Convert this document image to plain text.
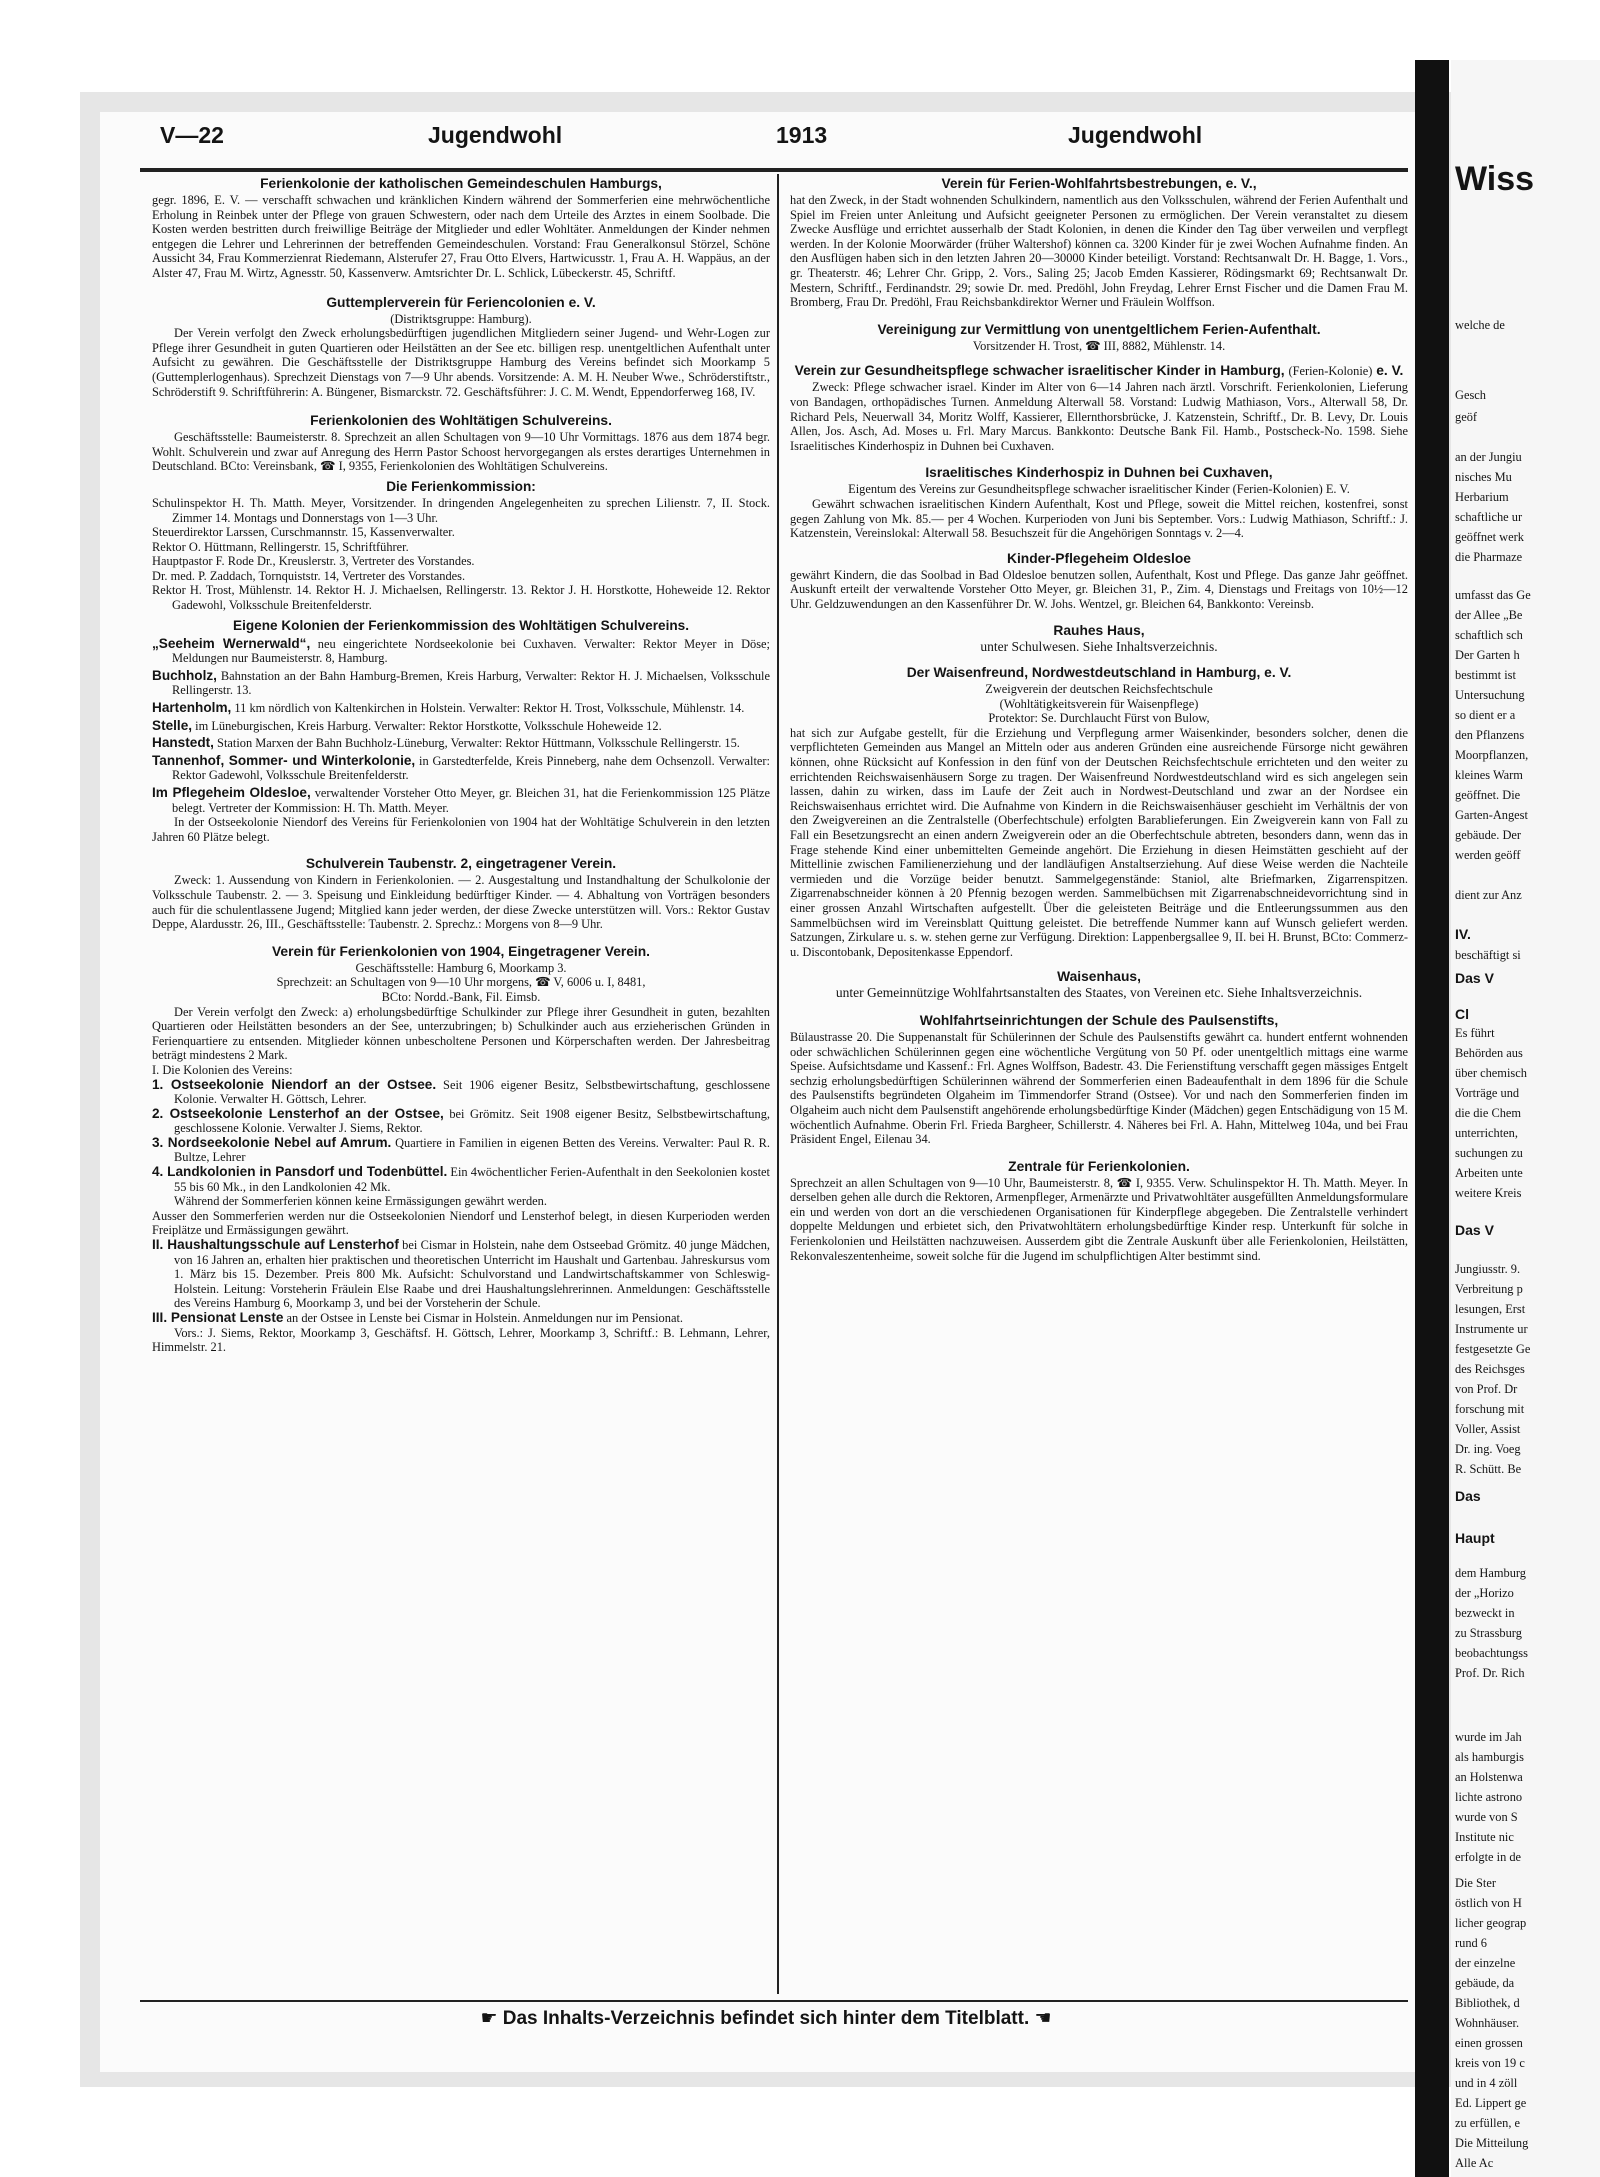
V—22	Jugendwohl	1913	Jugendwohl
Ferienkolonie der katholischen Gemeindeschulen Hamburgs,

gegr. 1896, E. V. — verschafft schwachen und kränklichen Kindern während der Sommerferien eine mehrwöchentliche Erholung in Reinbek unter der Pflege von grauen Schwestern, oder nach dem Urteile des Arztes in einem Soolbade. Die Kosten werden bestritten durch freiwillige Beiträge der Mitglieder und edler Wohltäter. Anmeldungen der Kinder nehmen entgegen die Lehrer und Lehrerinnen der betreffenden Gemeindeschulen. Vorstand: Frau Generalkonsul Störzel, Schöne Aussicht 34, Frau Kommerzienrat Riedemann, Alsterufer 27, Frau Otto Elvers, Hartwicusstr. 1, Frau A. H. Wappäus, an der Alster 47, Frau M. Wirtz, Agnesstr. 50, Kassenverw. Amtsrichter Dr. L. Schlick, Lübeckerstr. 45, Schriftf.

Guttemplerverein für Feriencolonien e. V.

(Distriktsgruppe: Hamburg).

Der Verein verfolgt den Zweck erholungsbedürftigen jugendlichen Mitgliedern seiner Jugend- und Wehr-Logen zur Pflege ihrer Gesundheit in guten Quartieren oder Heilstätten an der See etc. billigen resp. unentgeltlichen Aufenthalt unter Aufsicht zu gewähren. Die Geschäftsstelle der Distriktsgruppe Hamburg des Vereins befindet sich Moorkamp 5 (Guttemplerlogenhaus). Sprechzeit Dienstags von 7—9 Uhr abends. Vorsitzende: A. M. H. Neuber Wwe., Schröderstiftstr., Schröderstift 9. Schriftführerin: A. Büngener, Bismarckstr. 72. Geschäftsführer: J. C. M. Wendt, Eppendorferweg 168, IV.

Ferienkolonien des Wohltätigen Schulvereins.

Geschäftsstelle: Baumeisterstr. 8. Sprechzeit an allen Schultagen von 9—10 Uhr Vormittags. 1876 aus dem 1874 begr. Wohlt. Schulverein und zwar auf Anregung des Herrn Pastor Schoost hervorgegangen als erstes derartiges Unternehmen in Deutschland. BCto: Vereinsbank, ☎ I, 9355, Ferienkolonien des Wohltätigen Schulvereins.

Die Ferienkommission:

Schulinspektor H. Th. Matth. Meyer, Vorsitzender. In dringenden Angelegenheiten zu sprechen Lilienstr. 7, II. Stock. Zimmer 14. Montags und Donnerstags von 1—3 Uhr.

Steuerdirektor Larssen, Curschmannstr. 15, Kassenverwalter.

Rektor O. Hüttmann, Rellingerstr. 15, Schriftführer.

Hauptpastor F. Rode Dr., Kreuslerstr. 3, Vertreter des Vorstandes.

Dr. med. P. Zaddach, Tornquiststr. 14, Vertreter des Vorstandes.

Rektor H. Trost, Mühlenstr. 14. Rektor H. J. Michaelsen, Rellingerstr. 13. Rektor J. H. Horstkotte, Hoheweide 12. Rektor Gadewohl, Volksschule Breitenfelderstr.

Eigene Kolonien der Ferienkommission des Wohltätigen Schulvereins.

„Seeheim Wernerwald“, neu eingerichtete Nordseekolonie bei Cuxhaven. Verwalter: Rektor Meyer in Döse; Meldungen nur Baumeisterstr. 8, Hamburg.

Buchholz, Bahnstation an der Bahn Hamburg-Bremen, Kreis Harburg, Verwalter: Rektor H. J. Michaelsen, Volksschule Rellingerstr. 13.

Hartenholm, 11 km nördlich von Kaltenkirchen in Holstein. Verwalter: Rektor H. Trost, Volksschule, Mühlenstr. 14.

Stelle, im Lüneburgischen, Kreis Harburg. Verwalter: Rektor Horstkotte, Volksschule Hoheweide 12.

Hanstedt, Station Marxen der Bahn Buchholz-Lüneburg, Verwalter: Rektor Hüttmann, Volksschule Rellingerstr. 15.

Tannenhof, Sommer- und Winterkolonie, in Garstedterfelde, Kreis Pinneberg, nahe dem Ochsenzoll. Verwalter: Rektor Gadewohl, Volksschule Breitenfelderstr.

Im Pflegeheim Oldesloe, verwaltender Vorsteher Otto Meyer, gr. Bleichen 31, hat die Ferienkommission 125 Plätze belegt. Vertreter der Kommission: H. Th. Matth. Meyer.

In der Ostseekolonie Niendorf des Vereins für Ferienkolonien von 1904 hat der Wohltätige Schulverein in den letzten Jahren 60 Plätze belegt.

Schulverein Taubenstr. 2, eingetragener Verein.

Zweck: 1. Aussendung von Kindern in Ferienkolonien. — 2. Ausgestaltung und Instandhaltung der Schulkolonie der Volksschule Taubenstr. 2. — 3. Speisung und Einkleidung bedürftiger Kinder. — 4. Abhaltung von Vorträgen besonders auch für die schulentlassene Jugend; Mitglied kann jeder werden, der diese Zwecke unterstützen will. Vors.: Rektor Gustav Deppe, Alardusstr. 26, III., Geschäftsstelle: Taubenstr. 2. Sprechz.: Morgens von 8—9 Uhr.

Verein für Ferienkolonien von 1904, Eingetragener Verein.

Geschäftsstelle: Hamburg 6, Moorkamp 3.

Sprechzeit: an Schultagen von 9—10 Uhr morgens, ☎ V, 6006 u. I, 8481,

BCto: Nordd.-Bank, Fil. Eimsb.

Der Verein verfolgt den Zweck: a) erholungsbedürftige Schulkinder zur Pflege ihrer Gesundheit in guten, bezahlten Quartieren oder Heilstätten besonders an der See, unterzubringen; b) Schulkinder auch aus erzieherischen Gründen in Ferienquartiere zu entsenden. Mitglieder können unbescholtene Personen und Körperschaften werden. Der Jahresbeitrag beträgt mindestens 2 Mark.

I. Die Kolonien des Vereins:

1. Ostseekolonie Niendorf an der Ostsee. Seit 1906 eigener Besitz, Selbstbewirtschaftung, geschlossene Kolonie. Verwalter H. Göttsch, Lehrer.

2. Ostseekolonie Lensterhof an der Ostsee, bei Grömitz. Seit 1908 eigener Besitz, Selbstbewirtschaftung, geschlossene Kolonie. Verwalter J. Siems, Rektor.

3. Nordseekolonie Nebel auf Amrum. Quartiere in Familien in eigenen Betten des Vereins. Verwalter: Paul R. R. Bultze, Lehrer

4. Landkolonien in Pansdorf und Todenbüttel. Ein 4wöchentlicher Ferien-Aufenthalt in den Seekolonien kostet 55 bis 60 Mk., in den Landkolonien 42 Mk.

Während der Sommerferien können keine Ermässigungen gewährt werden.

Ausser den Sommerferien werden nur die Ostseekolonien Niendorf und Lensterhof belegt, in diesen Kurperioden werden Freiplätze und Ermässigungen gewährt.

II. Haushaltungsschule auf Lensterhof bei Cismar in Holstein, nahe dem Ostseebad Grömitz. 40 junge Mädchen, von 16 Jahren an, erhalten hier praktischen und theoretischen Unterricht im Haushalt und Gartenbau. Jahreskursus vom 1. März bis 15. Dezember. Preis 800 Mk. Aufsicht: Schulvorstand und Landwirtschaftskammer von Schleswig-Holstein. Leitung: Vorsteherin Fräulein Else Raabe und drei Haushaltungslehrerinnen. Anmeldungen: Geschäftsstelle des Vereins Hamburg 6, Moorkamp 3, und bei der Vorsteherin der Schule.

III. Pensionat Lenste an der Ostsee in Lenste bei Cismar in Holstein. Anmeldungen nur im Pensionat.

Vors.: J. Siems, Rektor, Moorkamp 3, Geschäftsf. H. Göttsch, Lehrer, Moorkamp 3, Schriftf.: B. Lehmann, Lehrer, Himmelstr. 21.

Verein für Ferien-Wohlfahrtsbestrebungen, e. V.,

hat den Zweck, in der Stadt wohnenden Schulkindern, namentlich aus den Volksschulen, während der Ferien Aufenthalt und Spiel im Freien unter Anleitung und Aufsicht geeigneter Personen zu ermöglichen. Der Verein veranstaltet zu diesem Zwecke Ausflüge und errichtet ausserhalb der Stadt Kolonien, in denen die Kinder den Tag über verweilen und verpflegt werden. In der Kolonie Moorwärder (früher Waltershof) können ca. 3200 Kinder für je zwei Wochen Aufnahme finden. An den Ausflügen haben sich in den letzten Jahren 20—30000 Kinder beteiligt. Vorstand: Rechtsanwalt Dr. H. Bagge, 1. Vors., gr. Theaterstr. 46; Lehrer Chr. Gripp, 2. Vors., Saling 25; Jacob Emden Kassierer, Rödingsmarkt 69; Rechtsanwalt Dr. Mestern, Schriftf., Ferdinandstr. 29; sowie Dr. med. Predöhl, John Freydag, Lehrer Ernst Fischer und die Damen Frau M. Bromberg, Frau Dr. Predöhl, Frau Reichsbankdirektor Werner und Fräulein Wolffson.

Vereinigung zur Vermittlung von unentgeltlichem Ferien-Aufenthalt.

Vorsitzender H. Trost, ☎ III, 8882, Mühlenstr. 14.

Verein zur Gesundheitspflege schwacher israelitischer Kinder in Hamburg, (Ferien-Kolonie) e. V.

Zweck: Pflege schwacher israel. Kinder im Alter von 6—14 Jahren nach ärztl. Vorschrift. Ferienkolonien, Lieferung von Bandagen, orthopädisches Turnen. Anmeldung Alterwall 58. Vorstand: Ludwig Mathiason, Vors., Alterwall 58, Dr. Richard Pels, Neuerwall 34, Moritz Wolff, Kassierer, Ellernthorsbrücke, J. Katzenstein, Schriftf., Dr. B. Levy, Dr. Louis Allen, Jos. Asch, Ad. Moses u. Frl. Mary Marcus. Bankkonto: Deutsche Bank Fil. Hamb., Postscheck-No. 1598. Siehe Israelitisches Kinderhospiz in Duhnen bei Cuxhaven.

Israelitisches Kinderhospiz in Duhnen bei Cuxhaven,

Eigentum des Vereins zur Gesundheitspflege schwacher israelitischer Kinder (Ferien-Kolonien) E. V.

Gewährt schwachen israelitischen Kindern Aufenthalt, Kost und Pflege, soweit die Mittel reichen, kostenfrei, sonst gegen Zahlung von Mk. 85.— per 4 Wochen. Kurperioden von Juni bis September. Vors.: Ludwig Mathiason, Schriftf.: J. Katzenstein, Vereinslokal: Alterwall 58. Besuchszeit für die Angehörigen Sonntags v. 2—4.

Kinder-Pflegeheim Oldesloe

gewährt Kindern, die das Soolbad in Bad Oldesloe benutzen sollen, Aufenthalt, Kost und Pflege. Das ganze Jahr geöffnet. Auskunft erteilt der verwaltende Vorsteher Otto Meyer, gr. Bleichen 31, P., Zim. 4, Dienstags und Freitags von 10½—12 Uhr. Geldzuwendungen an den Kassenführer Dr. W. Johs. Wentzel, gr. Bleichen 64, Bankkonto: Vereinsb.

Rauhes Haus,

unter Schulwesen. Siehe Inhaltsverzeichnis.

Der Waisenfreund, Nordwestdeutschland in Hamburg, e. V.

Zweigverein der deutschen Reichsfechtschule

(Wohltätigkeitsverein für Waisenpflege)

Protektor: Se. Durchlaucht Fürst von Bulow,

hat sich zur Aufgabe gestellt, für die Erziehung und Verpflegung armer Waisenkinder, besonders solcher, denen die verpflichteten Gemeinden aus Mangel an Mitteln oder aus anderen Gründen eine ausreichende Fürsorge nicht gewähren können, ohne Rücksicht auf Konfession in den fünf von der Deutschen Reichsfechtschule errichteten und den weiter zu errichtenden Reichswaisenhäusern Sorge zu tragen. Der Waisenfreund Nordwestdeutschland wird es sich angelegen sein lassen, dahin zu wirken, dass im Laufe der Zeit auch in Nordwest-Deutschland und zwar an der Nordsee ein Reichswaisenhaus errichtet wird. Die Aufnahme von Kindern in die Reichswaisenhäuser geschieht im Verhältnis der von den Zweigvereinen an die Zentralstelle (Oberfechtschule) erfolgten Barablieferungen. Ein Zweigverein kann von Fall zu Fall ein Besetzungsrecht an einen andern Zweigverein oder an die Oberfechtschule abtreten, besonders dann, wenn das in Frage stehende Kind einer unbemittelten Gemeinde angehört. Die Erziehung in diesen Heimstätten geschieht auf der Mittellinie zwischen Familienerziehung und der landläufigen Anstaltserziehung. Auf diese Weise werden die Nachteile vermieden und die Vorzüge beider benutzt. Sammelgegenstände: Staniol, alte Briefmarken, Zigarrenspitzen. Zigarrenabschneider können à 20 Pfennig bezogen werden. Sammelbüchsen mit Zigarrenabschneidevorrichtung sind in einer grossen Anzahl Wirtschaften aufgestellt. Über die geleisteten Beiträge und die Entleerungssummen aus den Sammelbüchsen wird im Vereinsblatt Quittung geleistet. Die betreffende Nummer kann auf Wunsch geliefert werden. Satzungen, Zirkulare u. s. w. stehen gerne zur Verfügung. Direktion: Lappenbergsallee 9, II. bei H. Brunst, BCto: Commerz- u. Discontobank, Depositenkasse Eppendorf.

Waisenhaus,

unter Gemeinnützige Wohlfahrtsanstalten des Staates, von Vereinen etc. Siehe Inhaltsverzeichnis.

Wohlfahrtseinrichtungen der Schule des Paulsenstifts,

Bülaustrasse 20. Die Suppenanstalt für Schülerinnen der Schule des Paulsenstifts gewährt ca. hundert entfernt wohnenden oder schwächlichen Schülerinnen gegen eine wöchentliche Vergütung von 50 Pf. oder unentgeltlich mittags eine warme Speise. Aufsichtsdame und Kassenf.: Frl. Agnes Wolffson, Badestr. 43. Die Ferienstiftung verschafft gegen mässiges Entgelt sechzig erholungsbedürftigen Schülerinnen während der Sommerferien einen Badeaufenthalt in dem 1896 für die Schule des Paulsenstifts begründeten Olgaheim im Timmendorfer Strand (Ostsee). Vor und nach den Sommerferien finden im Olgaheim auch nicht dem Paulsenstift angehörende erholungsbedürftige Kinder (Mädchen) gegen Entschädigung von 15 M. wöchentlich Aufnahme. Oberin Frl. Frieda Bargheer, Schillerstr. 4. Näheres bei Frl. A. Hahn, Mittelweg 104a, und bei Frau Präsident Engel, Eilenau 34.

Zentrale für Ferienkolonien.

Sprechzeit an allen Schultagen von 9—10 Uhr, Baumeisterstr. 8, ☎ I, 9355. Verw. Schulinspektor H. Th. Matth. Meyer. In derselben gehen alle durch die Rektoren, Armenpfleger, Armenärzte und Privatwohltäter ausgefüllten Anmeldungsformulare ein und werden von dort an die verschiedenen Organisationen für Kinderpflege abgegeben. Die Zentralstelle verhindert doppelte Meldungen und erbietet sich, den Privatwohltätern erholungsbedürftige Kinder resp. Unterkunft für solche in Ferienkolonien und Heilstätten nachzuweisen. Ausserdem gibt die Zentrale Auskunft über alle Ferienkolonien, Heilstätten, Rekonvaleszentenheime, soweit solche für die Jugend im schulpflichtigen Alter bestimmt sind.

☛ Das Inhalts-Verzeichnis befindet sich hinter dem Titelblatt. ☚
Wiss
welche de
Gesch
geöf
an der Jungiu
nisches Mu
Herbarium
schaftliche ur
geöffnet werk
die Pharmaze
umfasst das Ge
der Allee „Be
schaftlich sch
Der Garten h
bestimmt ist
Untersuchung
so dient er a
den Pflanzens
Moorpflanzen,
kleines Warm
geöffnet. Die
Garten-Angest
gebäude. Der
werden geöff
dient zur Anz
IV.
beschäftigt si
Das V
Cl
Es führt
Behörden aus
über chemisch
Vorträge und
die die Chem
unterrichten,
suchungen zu
Arbeiten unte
weitere Kreis
Das V
Jungiusstr. 9.
Verbreitung p
lesungen, Erst
Instrumente ur
festgesetzte Ge
des Reichsges
von Prof. Dr
forschung mit
Voller, Assist
Dr. ing. Voeg
R. Schütt. Be
Das
Haupt
dem Hamburg
der „Horizo
bezweckt in
zu Strassburg
beobachtungss
Prof. Dr. Rich
wurde im Jah
als hamburgis
an Holstenwa
lichte astrono
wurde von S
Institute nic
erfolgte in de
Die Ster
östlich von H
licher geograp
rund 6
der einzelne
gebäude, da
Bibliothek, d
Wohnhäuser.
einen grossen
kreis von 19 c
und in 4 zöll
Ed. Lippert ge
zu erfüllen, e
Die Mitteilung
Alle Ac
